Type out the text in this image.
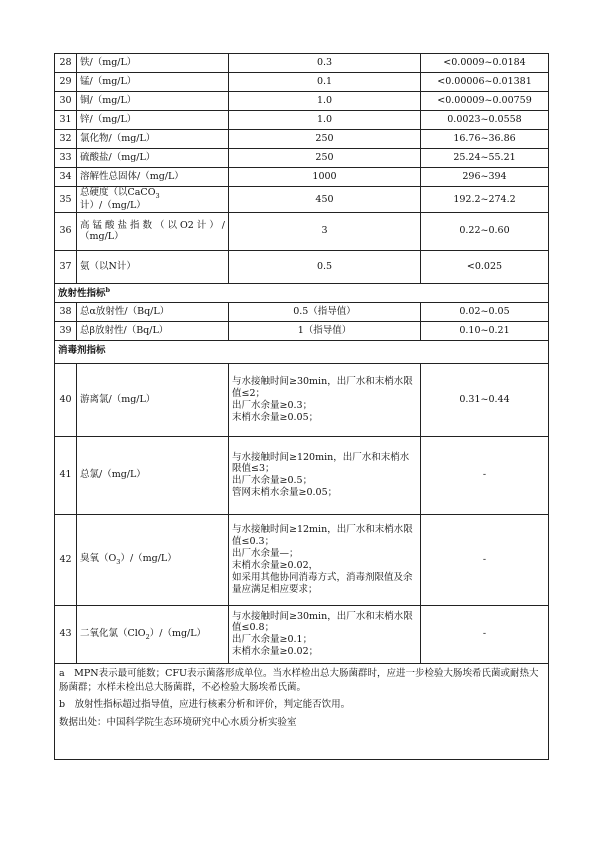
28	铁/（mg/L）	0.3	<0.0009~0.0184
29	锰/（mg/L）	0.1	<0.00006~0.01381
30	铜/（mg/L）	1.0	<0.00009~0.00759
31	锌/（mg/L）	1.0	0.0023~0.0558
32	氯化物/（mg/L）	250	16.76~36.86
33	硫酸盐/（mg/L）	250	25.24~55.21
34	溶解性总固体/（mg/L）	1000	296~394
35	总硬度（以CaCO$_3$计）/（mg/L）	450	192.2~274.2
36	高锰酸盐指数（以O2计）/（mg/L）	3	0.22~0.60
37	氨（以N计）	0.5	<0.025
放射性指标$^b$
38	总α放射性/（Bq/L）	0.5（指导值）	0.02~0.05
39	总β放射性/（Bq/L）	1（指导值）	0.10~0.21
消毒剂指标			
40	游离氯/（mg/L）	与水接触时间≥30min，出厂水和末梢水限值≤2；
出厂水余量≥0.3；
末梢水余量≥0.05；	0.31~0.44
41	总氯/（mg/L）	与水接触时间≥120min，出厂水和末梢水限值≤3；
出厂水余量≥0.5；
管网末梢水余量≥0.05；	-
42	臭氧$(O_3)/(mg/L)$	与水接触时间≥12min，出厂水和末梢水限值≤0.3；
出厂水余量—；
末梢水余量≥0.02，
如采用其他协同消毒方式，消毒剂限值及余量应满足相应要求；	-
43	二氧化氯（ClO$_2$）/（mg/L）	与水接触时间≥30min，出厂水和末梢水限值≤0.8；
出厂水余量≥0.1；
末梢水余量≥0.02；	-

a　MPN表示最可能数；CFU表示菌落形成单位。当水样检出总大肠菌群时，应进一步检验大肠埃希氏菌或耐热大肠菌群；水样未检出总大肠菌群，不必检验大肠埃希氏菌。
b　放射性指标超过指导值，应进行核素分析和评价，判定能否饮用。
数据出处：中国科学院生态环境研究中心水质分析实验室			
